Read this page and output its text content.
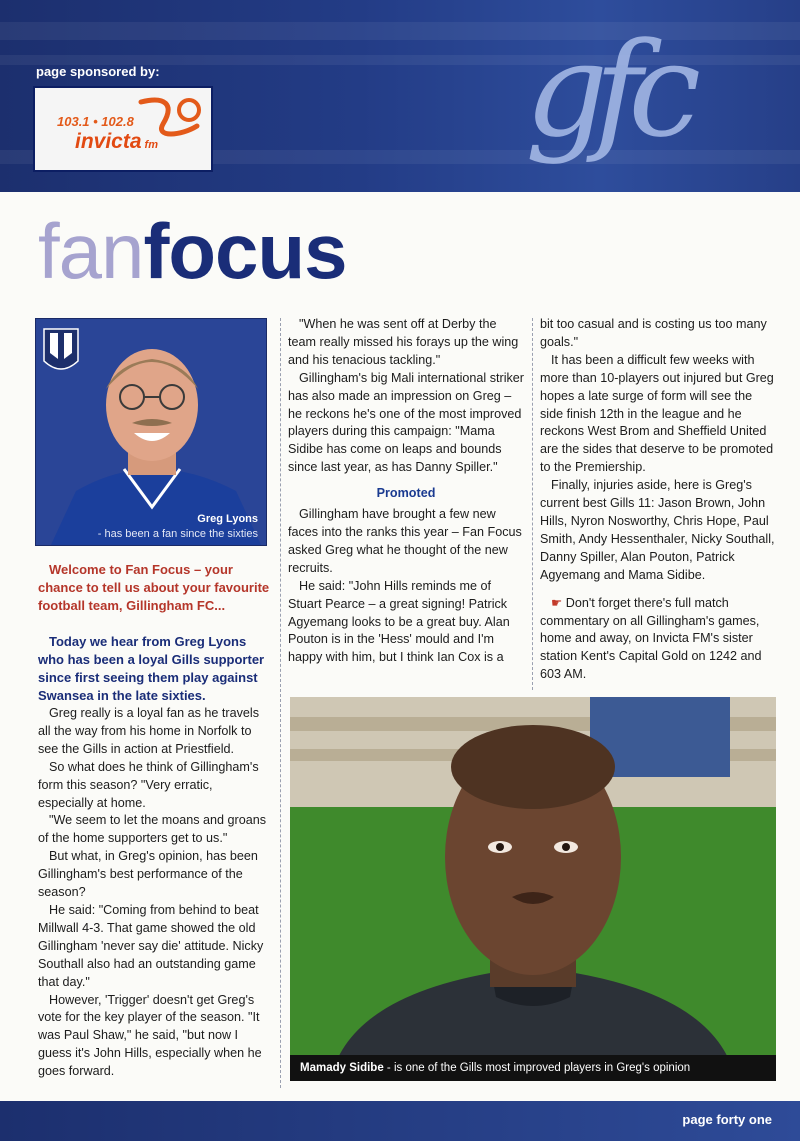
page sponsored by:
103.1 • 102.8
invicta fm	gfc
fanfocus
Greg Lyons
- has been a fan since the sixties

Welcome to Fan Focus – your chance to tell us about your favourite football team, Gillingham FC...

Today we hear from Greg Lyons who has been a loyal Gills supporter since first seeing them play against Swansea in the late sixties.

Greg really is a loyal fan as he travels all the way from his home in Norfolk to see the Gills in action at Priestfield.

So what does he think of Gillingham's form this season? "Very erratic, especially at home.

"We seem to let the moans and groans of the home supporters get to us."

But what, in Greg's opinion, has been Gillingham's best performance of the season?

He said: "Coming from behind to beat Millwall 4-3. That game showed the old Gillingham 'never say die' attitude. Nicky Southall also had an outstanding game that day."

However, 'Trigger' doesn't get Greg's vote for the key player of the season. "It was Paul Shaw," he said, "but now I guess it's John Hills, especially when he goes forward.

"When he was sent off at Derby the team really missed his forays up the wing and his tenacious tackling."

Gillingham's big Mali international striker has also made an impression on Greg – he reckons he's one of the most improved players during this campaign: "Mama Sidibe has come on leaps and bounds since last year, as has Danny Spiller."

Promoted

Gillingham have brought a few new faces into the ranks this year – Fan Focus asked Greg what he thought of the new recruits.

He said: "John Hills reminds me of Stuart Pearce – a great signing! Patrick Agyemang looks to be a great buy. Alan Pouton is in the 'Hess' mould and I'm happy with him, but I think Ian Cox is a

bit too casual and is costing us too many goals."

It has been a difficult few weeks with more than 10-players out injured but Greg hopes a late surge of form will see the side finish 12th in the league and he reckons West Brom and Sheffield United are the sides that deserve to be promoted to the Premiership.

Finally, injuries aside, here is Greg's current best Gills 11: Jason Brown, John Hills, Nyron Nosworthy, Chris Hope, Paul Smith, Andy Hessenthaler, Nicky Southall, Danny Spiller, Alan Pouton, Patrick Agyemang and Mama Sidibe.

☛ Don't forget there's full match commentary on all Gillingham's games, home and away, on Invicta FM's sister station Kent's Capital Gold on 1242 and 603 AM.

Mamady Sidibe - is one of the Gills most improved players in Greg's opinion
page forty one
